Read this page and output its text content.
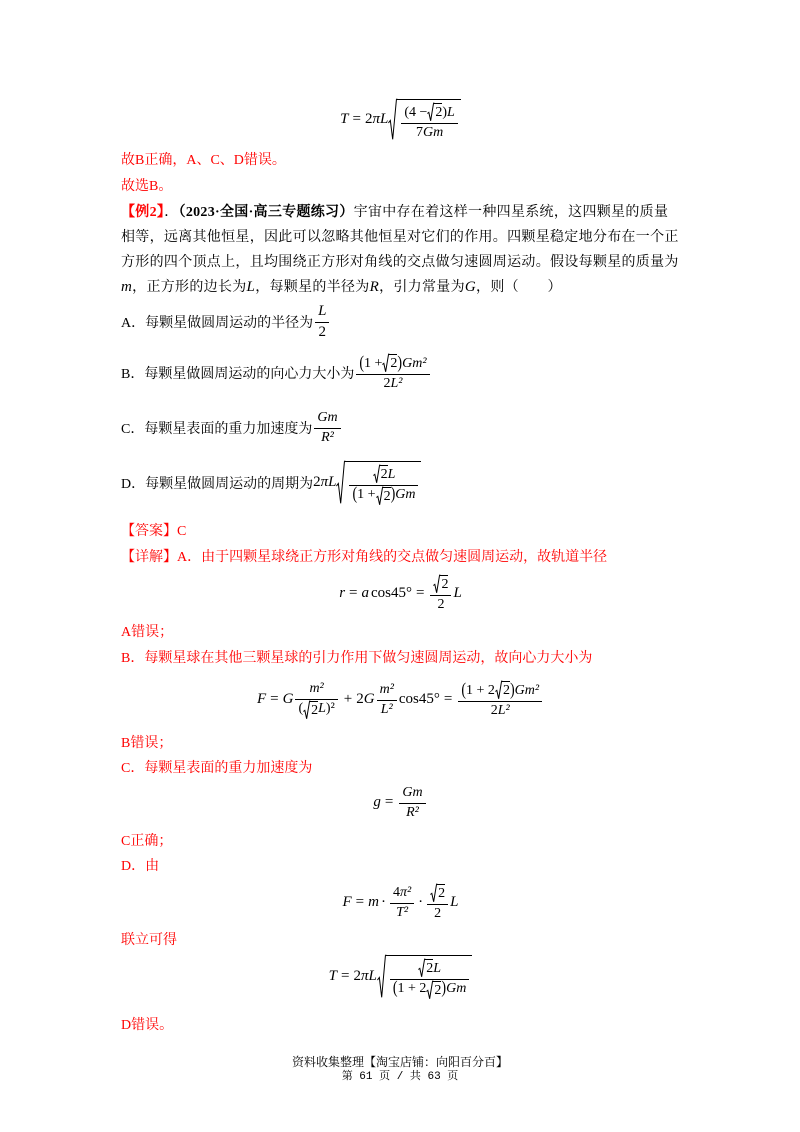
T = 2 πL (4 − 2 ) L
7 Gm
故B正确，A、C、D错误。
故选B。
【例2】．（2023·全国·高三专题练习）宇宙中存在着这样一种四星系统，这四颗星的质量
相等，远离其他恒星，因此可以忽略其他恒星对它们的作用。四颗星稳定地分布在一个正
方形的四个顶点上，且均围绕正方形对角线的交点做匀速圆周运动。假设每颗星的质量为
m，正方形的边长为L，每颗星的半径为R，引力常量为G，则（　　）
A．每颗星做圆周运动的半径为 $\frac{L}{2}$
B．每颗星做圆周运动的向心力大小为
( 1 + 2 ) Gm²
2 L²
C．每颗星表面的重力加速度为 $\frac{Gm}{\text{R²}}$
D．每颗星做圆周运动的周期为 2 πL	2 L
( 1 + 2 ) Gm
【答案】C
【详解】A．由于四颗星球绕正方形对角线的交点做匀速圆周运动，故轨道半径
r = a $\cos 45^\circ = \frac{2}{2}$ L
A错误；
B．每颗星球在其他三颗星球的引力作用下做匀速圆周运动，故向心力大小为
F = G
m²
( 2 L )²
+ 2 G $\frac{\text{m²}}{\text{L²}} \cos 45^\circ$ = ( 1 + 2 2 ) Gm²
2 L²
B错误；
C．每颗星表面的重力加速度为
$g = \frac{Gm}{\text{R²}}$
C正确；
D．由
$F = m \cdot \frac{\text{4 π²}}{\text{T²}} \cdot \frac{2}{2}$ L
联立可得
T = 2 πL	2 L
( 1 + 2 2 ) Gm
D错误。
资料收集整理【淘宝店铺：向阳百分百】
第 61 页 / 共 63 页
